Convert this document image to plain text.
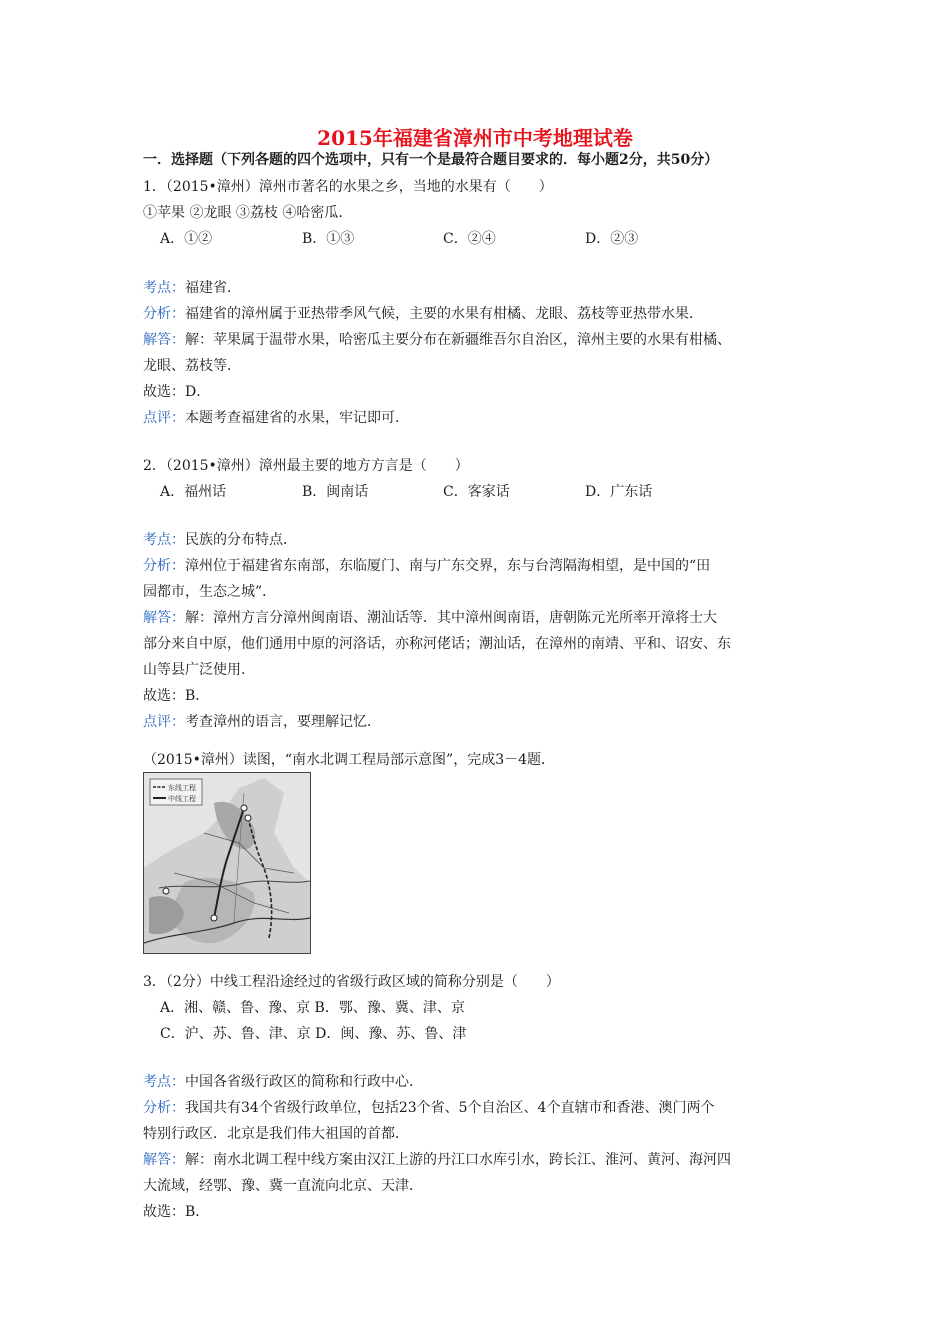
2015年福建省漳州市中考地理试卷
一．选择题（下列各题的四个选项中，只有一个是最符合题目要求的．每小题2分，共50分）
1．（2015•漳州）漳州市著名的水果之乡，当地的水果有（　　）
①苹果 ②龙眼 ③荔枝 ④哈密瓜．
A．①②	B．①③	C．②④	D．②③
考点：福建省．
分析：福建省的漳州属于亚热带季风气候，主要的水果有柑橘、龙眼、荔枝等亚热带水果．
解答：解：苹果属于温带水果，哈密瓜主要分布在新疆维吾尔自治区，漳州主要的水果有柑橘、
龙眼、荔枝等．
故选：D．
点评：本题考查福建省的水果，牢记即可．
2．（2015•漳州）漳州最主要的地方方言是（　　）
A．福州话	B．闽南话	C．客家话	D．广东话
考点：民族的分布特点．
分析：漳州位于福建省东南部，东临厦门、南与广东交界，东与台湾隔海相望，是中国的“田
园都市，生态之城”．
解答：解：漳州方言分漳州闽南语、潮汕话等．其中漳州闽南语，唐朝陈元光所率开漳将士大
部分来自中原，他们通用中原的河洛话，亦称河佬话；潮汕话，在漳州的南靖、平和、诏安、东
山等县广泛使用．
故选：B．
点评：考查漳州的语言，要理解记忆．
（2015•漳州）读图，“南水北调工程局部示意图”，完成3－4题．
东线工程
中线工程
3．（2分）中线工程沿途经过的省级行政区域的简称分别是（　　）
A．湘、赣、鲁、豫、京 B．鄂、豫、冀、津、京
C．沪、苏、鲁、津、京 D．闽、豫、苏、鲁、津
考点：中国各省级行政区的简称和行政中心．
分析：我国共有34个省级行政单位，包括23个省、5个自治区、4个直辖市和香港、澳门两个
特别行政区．北京是我们伟大祖国的首都．
解答：解：南水北调工程中线方案由汉江上游的丹江口水库引水，跨长江、淮河、黄河、海河四
大流域，经鄂、豫、冀一直流向北京、天津．
故选：B．
